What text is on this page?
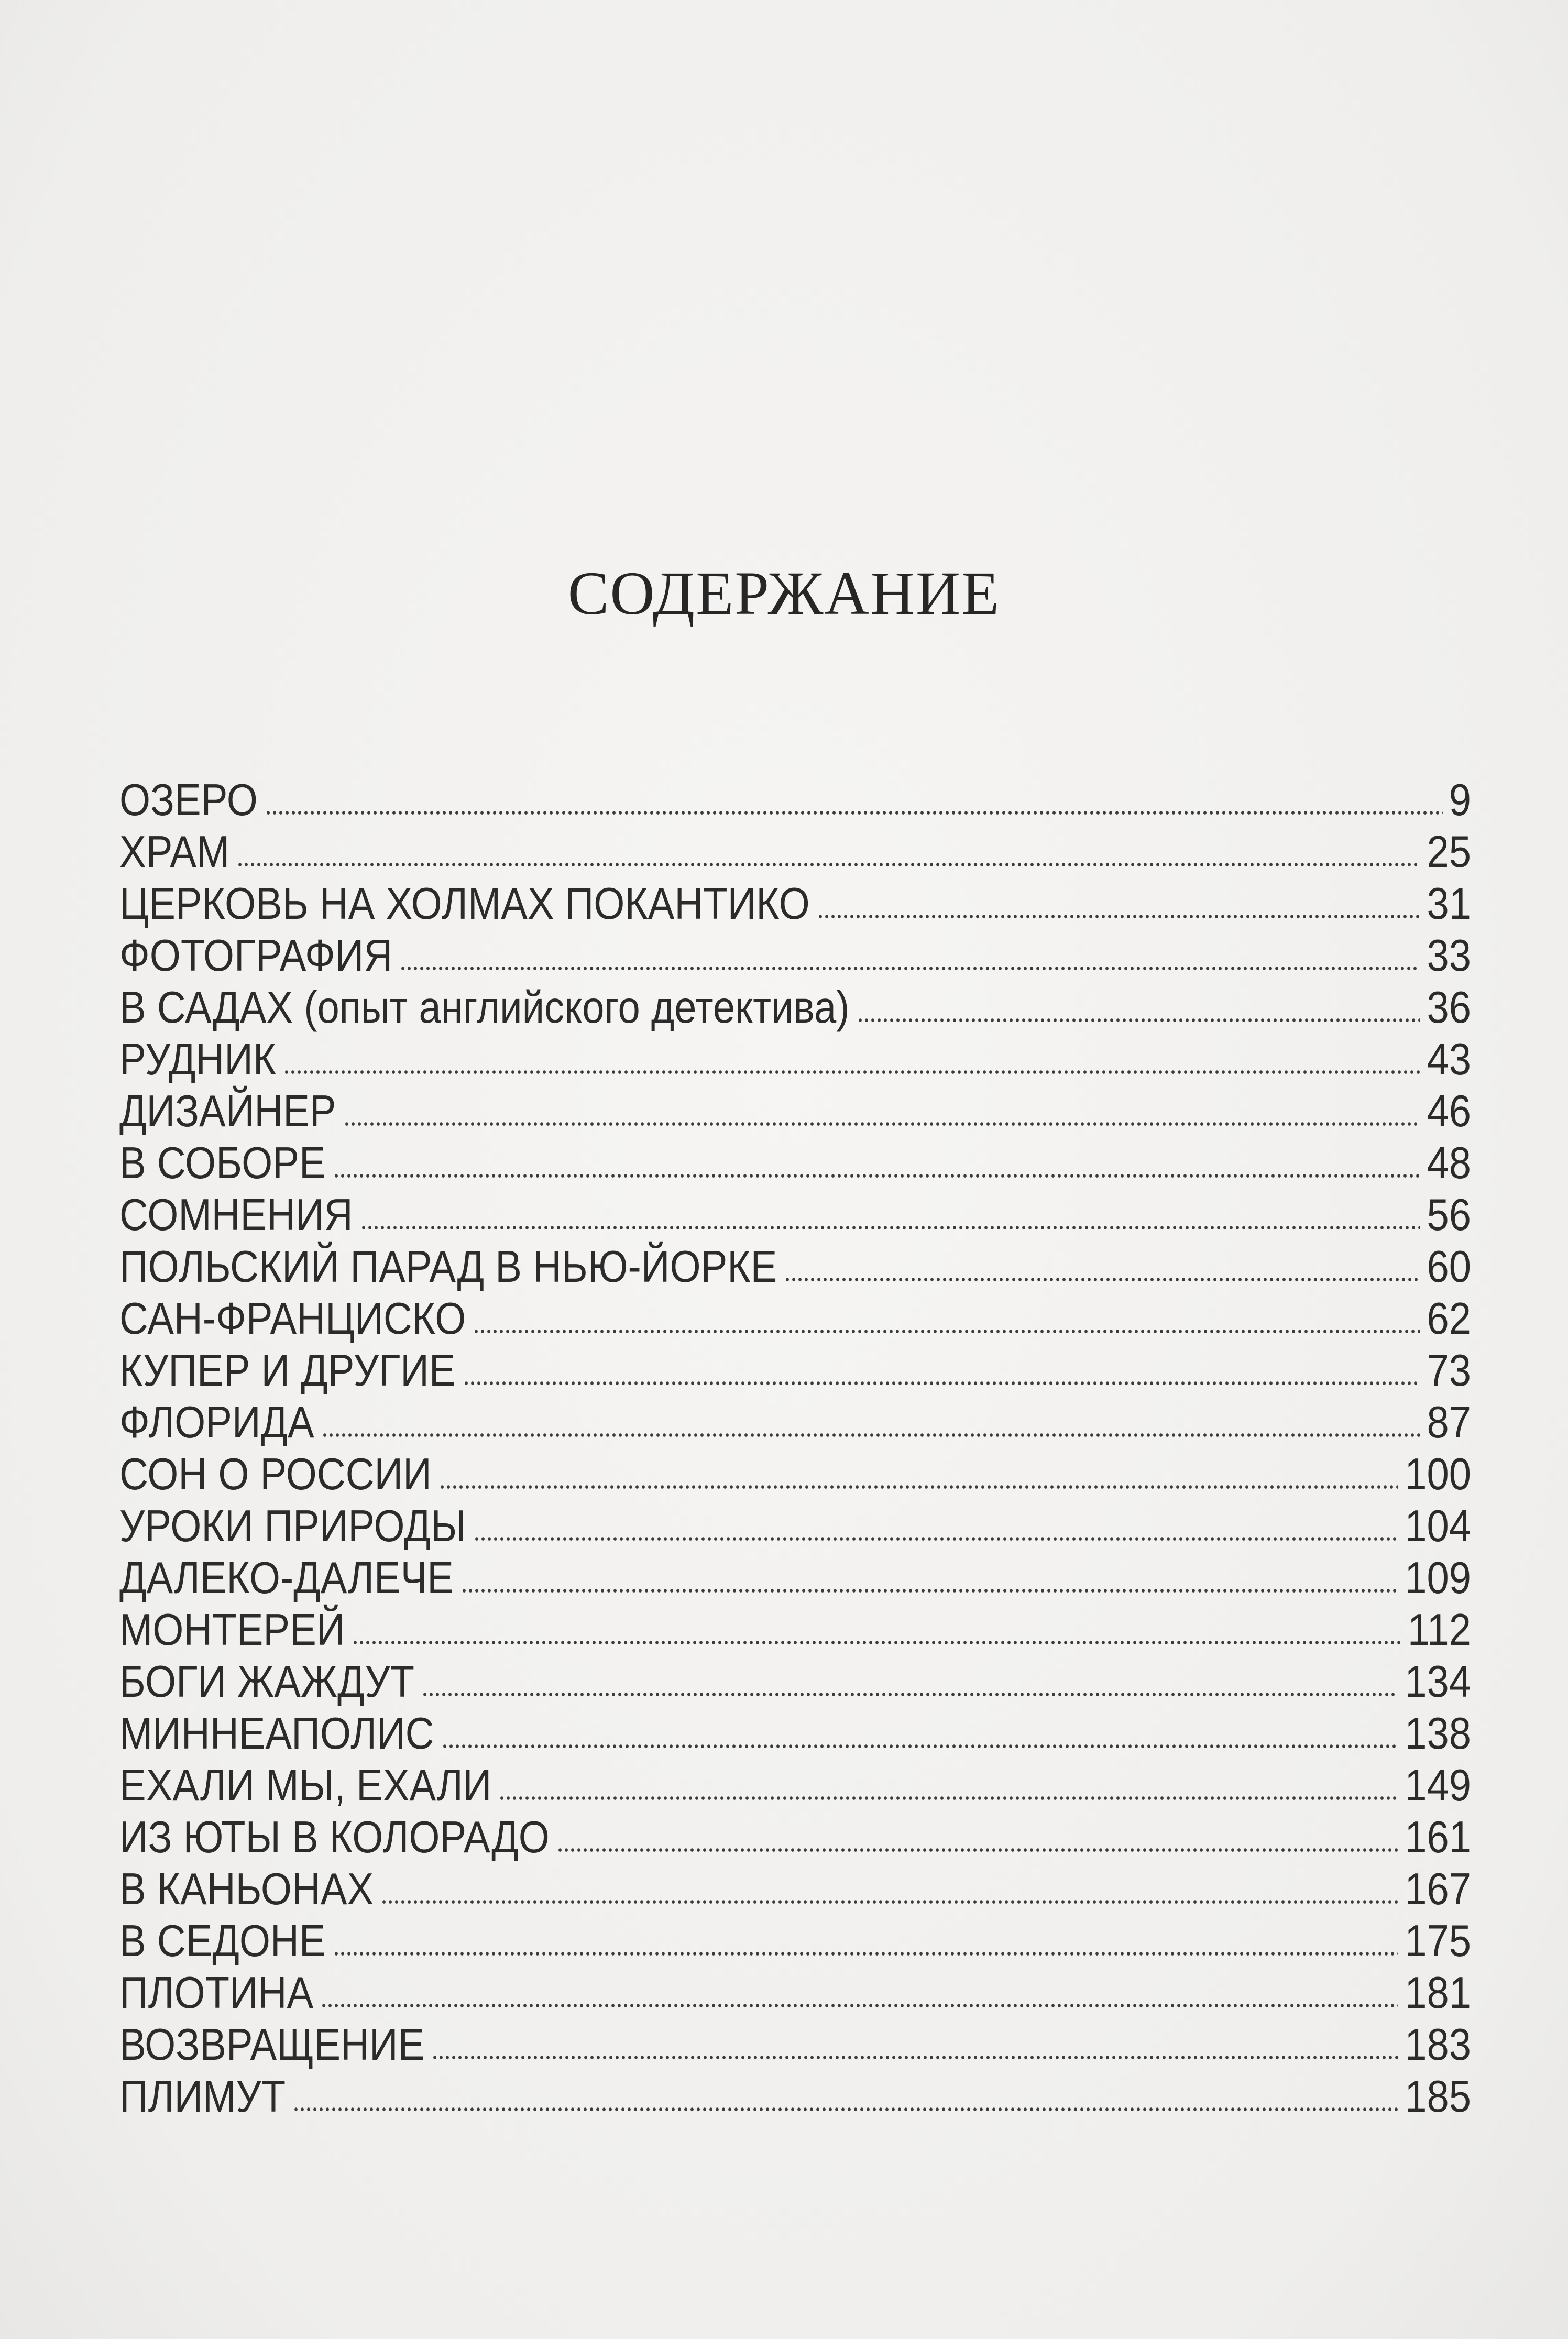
СОДЕРЖАНИЕ
ОЗЕРО	9
ХРАМ	25
ЦЕРКОВЬ НА ХОЛМАХ ПОКАНТИКО	31
ФОТОГРАФИЯ	33
В САДАХ (опыт английского детектива)	36
РУДНИК	43
ДИЗАЙНЕР	46
В СОБОРЕ	48
СОМНЕНИЯ	56
ПОЛЬСКИЙ ПАРАД В НЬЮ-ЙОРКЕ	60
САН-ФРАНЦИСКО	62
КУПЕР И ДРУГИЕ	73
ФЛОРИДА	87
СОН О РОССИИ	100
УРОКИ ПРИРОДЫ	104
ДАЛЕКО-ДАЛЕЧЕ	109
МОНТЕРЕЙ	112
БОГИ ЖАЖДУТ	134
МИННЕАПОЛИС	138
ЕХАЛИ МЫ, ЕХАЛИ	149
ИЗ ЮТЫ В КОЛОРАДО	161
В КАНЬОНАХ	167
В СЕДОНЕ	175
ПЛОТИНА	181
ВОЗВРАЩЕНИЕ	183
ПЛИМУТ	185
